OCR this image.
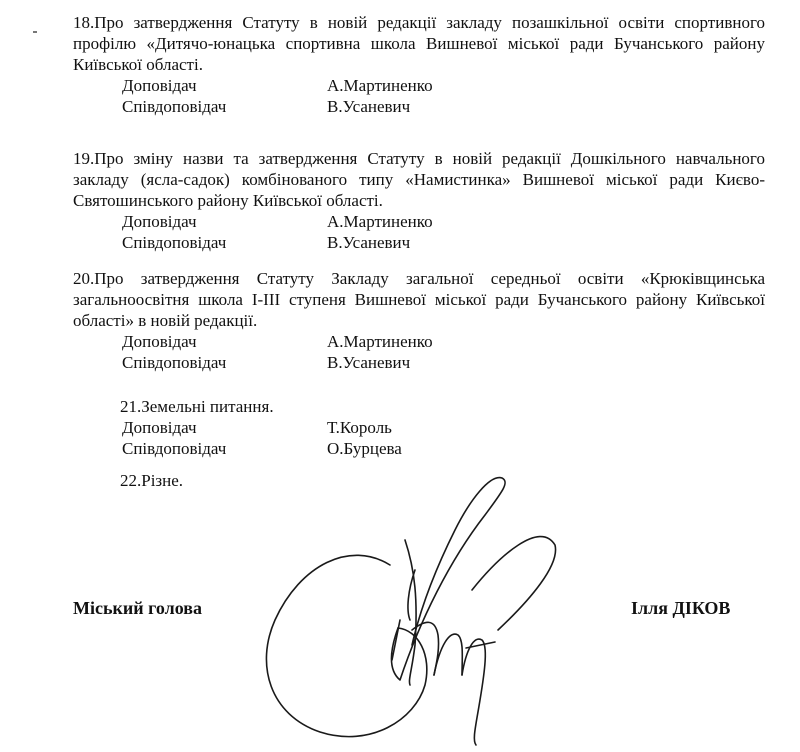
18.Про затвердження Статуту в новій редакції закладу позашкільної освіти спортивного профілю «Дитячо-юнацька спортивна школа Вишневої міської ради Бучанського району Київської області.
Доповідач	А.Мартиненко
Співдоповідач	В.Усаневич
19.Про зміну назви та затвердження Статуту в новій редакції Дошкільного навчального закладу (ясла-садок) комбінованого типу «Намистинка» Вишневої міської ради Києво-Святошинського району Київської області.
Доповідач	А.Мартиненко
Співдоповідач	В.Усаневич
20.Про затвердження Статуту Закладу загальної середньої освіти «Крюківщинська загальноосвітня школа І-ІІІ ступеня Вишневої міської ради Бучанського району Київської області» в новій редакції.
Доповідач	А.Мартиненко
Співдоповідач	В.Усаневич
21.Земельні питання.
Доповідач	Т.Король
Співдоповідач	О.Бурцева
22.Різне.
Міський голова	Ілля ДІКОВ
